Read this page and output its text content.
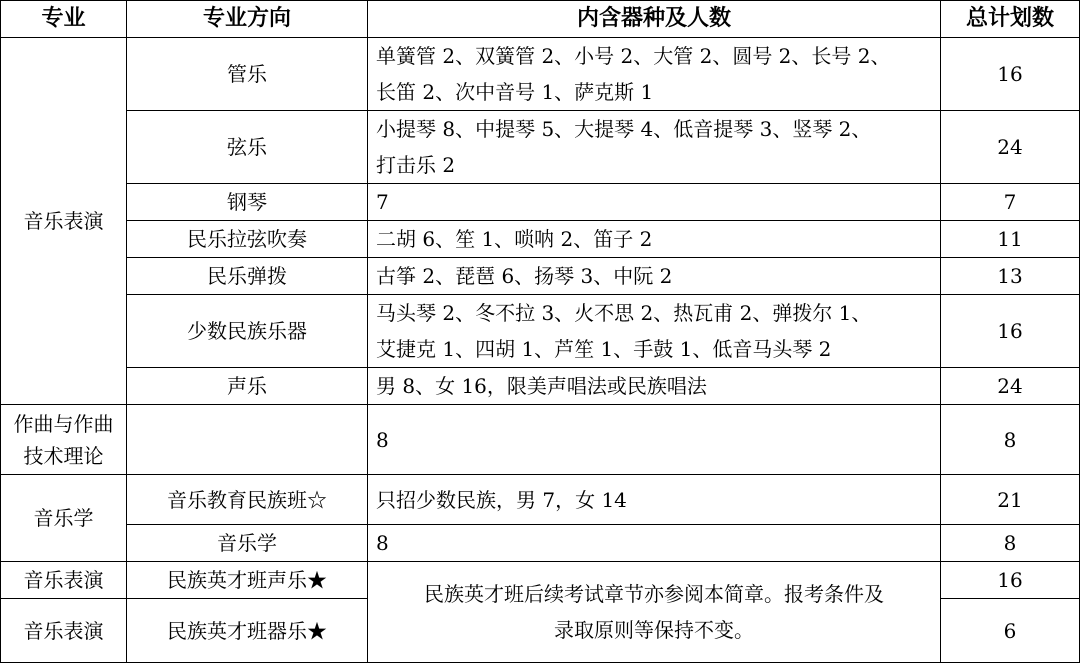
专业	专业方向	内含器种及人数	总计划数
音乐表演	管乐	单簧管 2、双簧管 2、小号 2、大管 2、圆号 2、长号 2、
长笛 2、次中音号 1、萨克斯 1	16
	弦乐	小提琴 8、中提琴 5、大提琴 4、低音提琴 3、竖琴 2、
打击乐 2	24
	钢琴	7	7
	民乐拉弦吹奏	二胡 6、笙 1、唢呐 2、笛子 2	11
	民乐弹拨	古筝 2、琵琶 6、扬琴 3、中阮 2	13
	少数民族乐器	马头琴 2、冬不拉 3、火不思 2、热瓦甫 2、弹拨尔 1、
艾捷克 1、四胡 1、芦笙 1、手鼓 1、低音马头琴 2	16
	声乐	男 8、女 16，限美声唱法或民族唱法	24

作曲与作曲
技术理论		8	8
音乐学	音乐教育民族班☆	只招少数民族，男 7，女 14	21
	音乐学	8	8
音乐表演	民族英才班声乐★	民族英才班后续考试章节亦参阅本简章。报考条件及
录取原则等保持不变。	16
音乐表演	民族英才班器乐★		6
